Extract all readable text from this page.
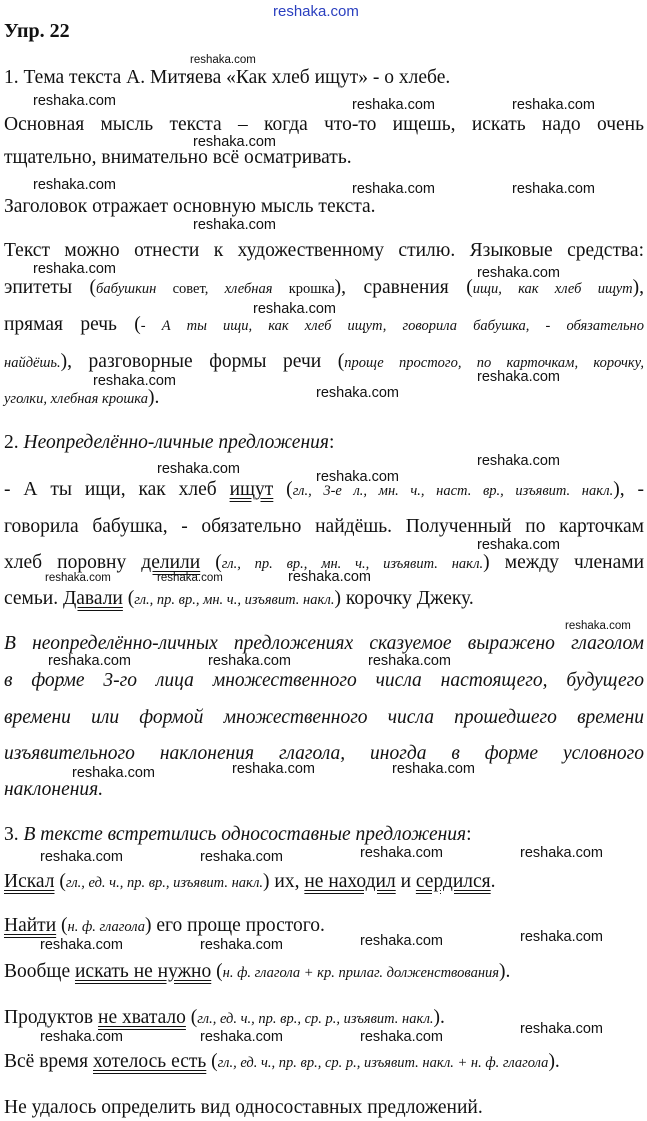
reshaka.com
Упр. 22
reshaka.com
reshaka.com	reshaka.com	reshaka.com
reshaka.com
reshaka.com	reshaka.com	reshaka.com
reshaka.com
reshaka.com	reshaka.com
reshaka.com
reshaka.com	reshaka.com
reshaka.com
reshaka.com
reshaka.com	reshaka.com
reshaka.com
reshaka.com	reshaka.com	reshaka.com
reshaka.com
reshaka.com	reshaka.com	reshaka.com
reshaka.com	reshaka.com
reshaka.com
reshaka.com	reshaka.com
reshaka.com	reshaka.com
reshaka.com
reshaka.com	reshaka.com	reshaka.com
reshaka.com
reshaka.com	reshaka.com	reshaka.com
1. Тема текста А. Митяева «Как хлеб ищут» - о хлебе.
Основная мысль текста – когда что-то ищешь, искать надо очень
тщательно, внимательно всё осматривать.
Заголовок отражает основную мысль текста.
Текст можно отнести к художественному стилю. Языковые средства:
эпитеты (бабушкин совет, хлебная крошка), сравнения (ищи, как хлеб ищут),
прямая речь (- А ты ищи, как хлеб ищут, говорила бабушка, - обязательно
найдёшь.), разговорные формы речи (проще простого, по карточкам, корочку,
уголки, хлебная крошка).
2. Неопределённо-личные предложения:
- А ты ищи, как хлеб ищут (гл., 3-е л., мн. ч., наст. вр., изъявит. накл.), -
говорила бабушка, - обязательно найдёшь. Полученный по карточкам
хлеб поровну делили (гл., пр. вр., мн. ч., изъявит. накл.) между членами
семьи. Давали (гл., пр. вр., мн. ч., изъявит. накл.) корочку Джеку.
В неопределённо-личных предложениях сказуемое выражено глаголом
в форме 3-го лица множественного числа настоящего, будущего
времени или формой множественного числа прошедшего времени
изъявительного наклонения глагола, иногда в форме условного
наклонения.
3. В тексте встретились односоставные предложения:
Искал (гл., ед. ч., пр. вр., изъявит. накл.) их, не находил и сердился.
Найти (н. ф. глагола) его проще простого.
Вообще искать не нужно (н. ф. глагола + кр. прилаг. долженствования).
Продуктов не хватало (гл., ед. ч., пр. вр., ср. р., изъявит. накл.).
Всё время хотелось есть (гл., ед. ч., пр. вр., ср. р., изъявит. накл. + н. ф. глагола).
Не удалось определить вид односоставных предложений.
